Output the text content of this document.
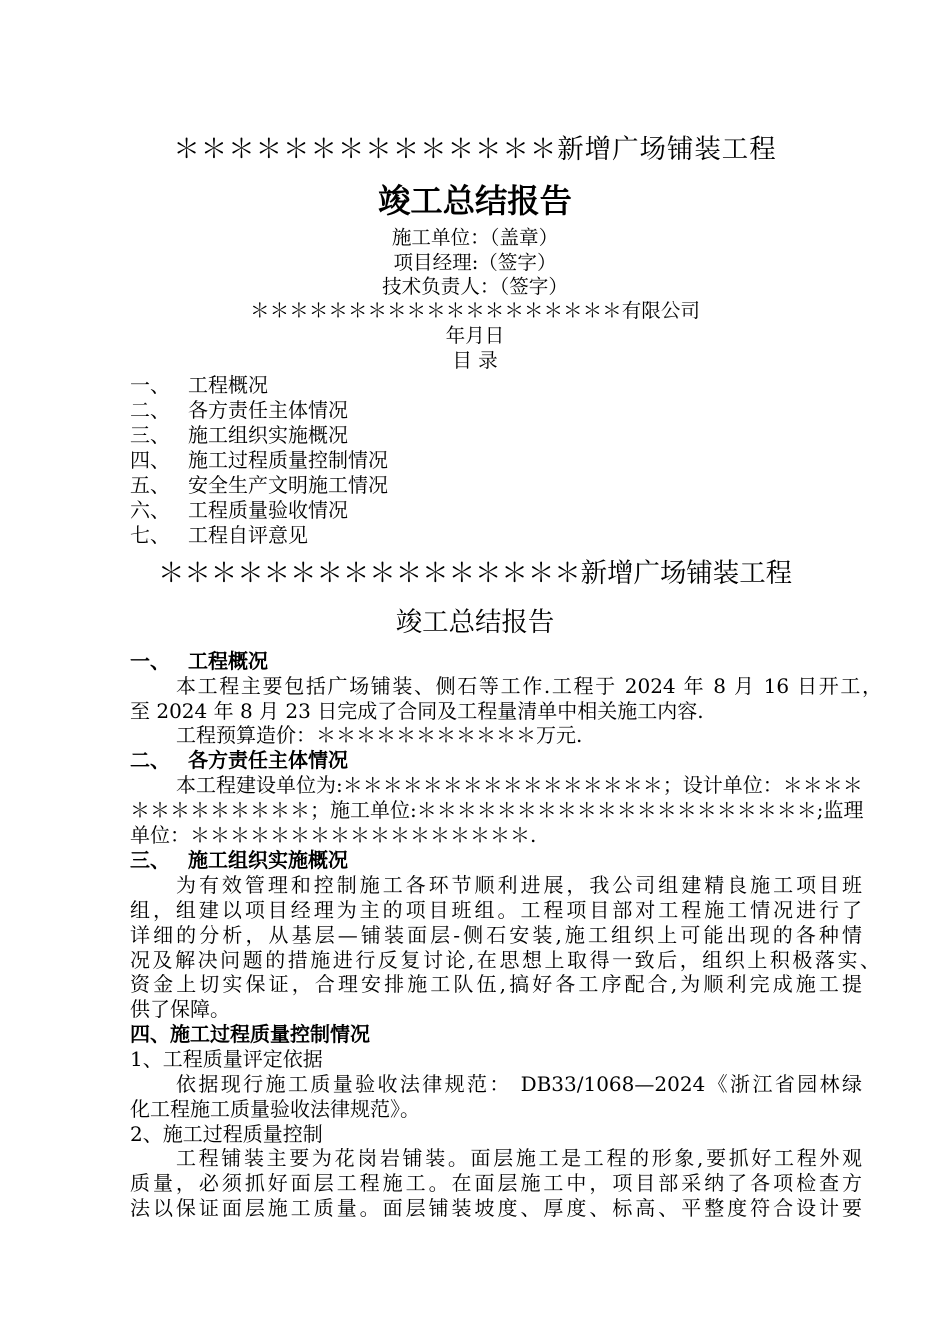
＊＊＊＊＊＊＊＊＊＊＊＊＊＊新增广场铺装工程
竣工总结报告
施工单位：（盖章）
项目经理:（签字）
技术负责人：（签字）
＊＊＊＊＊＊＊＊＊＊＊＊＊＊＊＊＊＊＊有限公司
年月日
目 录
一、 工程概况
二、 各方责任主体情况
三、 施工组织实施概况
四、 施工过程质量控制情况
五、 安全生产文明施工情况
六、 工程质量验收情况
七、 工程自评意见
＊＊＊＊＊＊＊＊＊＊＊＊＊＊＊＊新增广场铺装工程
竣工总结报告
一、 工程概况
本工程主要包括广场铺装、侧石等工作.工程于 2024 年 8 月 16 日开工，
至 2024 年 8 月 23 日完成了合同及工程量清单中相关施工内容.
工程预算造价：＊＊＊＊＊＊＊＊＊＊＊万元.
二、 各方责任主体情况
本工程建设单位为:＊＊＊＊＊＊＊＊＊＊＊＊＊＊＊＊；设计单位：＊＊＊＊
＊＊＊＊＊＊＊＊＊；施工单位:＊＊＊＊＊＊＊＊＊＊＊＊＊＊＊＊＊＊＊＊;监理
单位：＊＊＊＊＊＊＊＊＊＊＊＊＊＊＊＊＊.
三、 施工组织实施概况
为有效管理和控制施工各环节顺利进展，我公司组建精良施工项目班
组，组建以项目经理为主的项目班组。工程项目部对工程施工情况进行了
详细的分析，从基层—铺装面层-侧石安装,施工组织上可能出现的各种情
况及解决问题的措施进行反复讨论,在思想上取得一致后，组织上积极落实、
资金上切实保证，合理安排施工队伍,搞好各工序配合,为顺利完成施工提
供了保障。
四、施工过程质量控制情况
1、工程质量评定依据
依据现行施工质量验收法律规范： DB33/1068—2024《浙江省园林绿
化工程施工质量验收法律规范》。
2、施工过程质量控制
工程铺装主要为花岗岩铺装。面层施工是工程的形象,要抓好工程外观
质量，必须抓好面层工程施工。在面层施工中，项目部采纳了各项检查方
法以保证面层施工质量。面层铺装坡度、厚度、标高、平整度符合设计要
